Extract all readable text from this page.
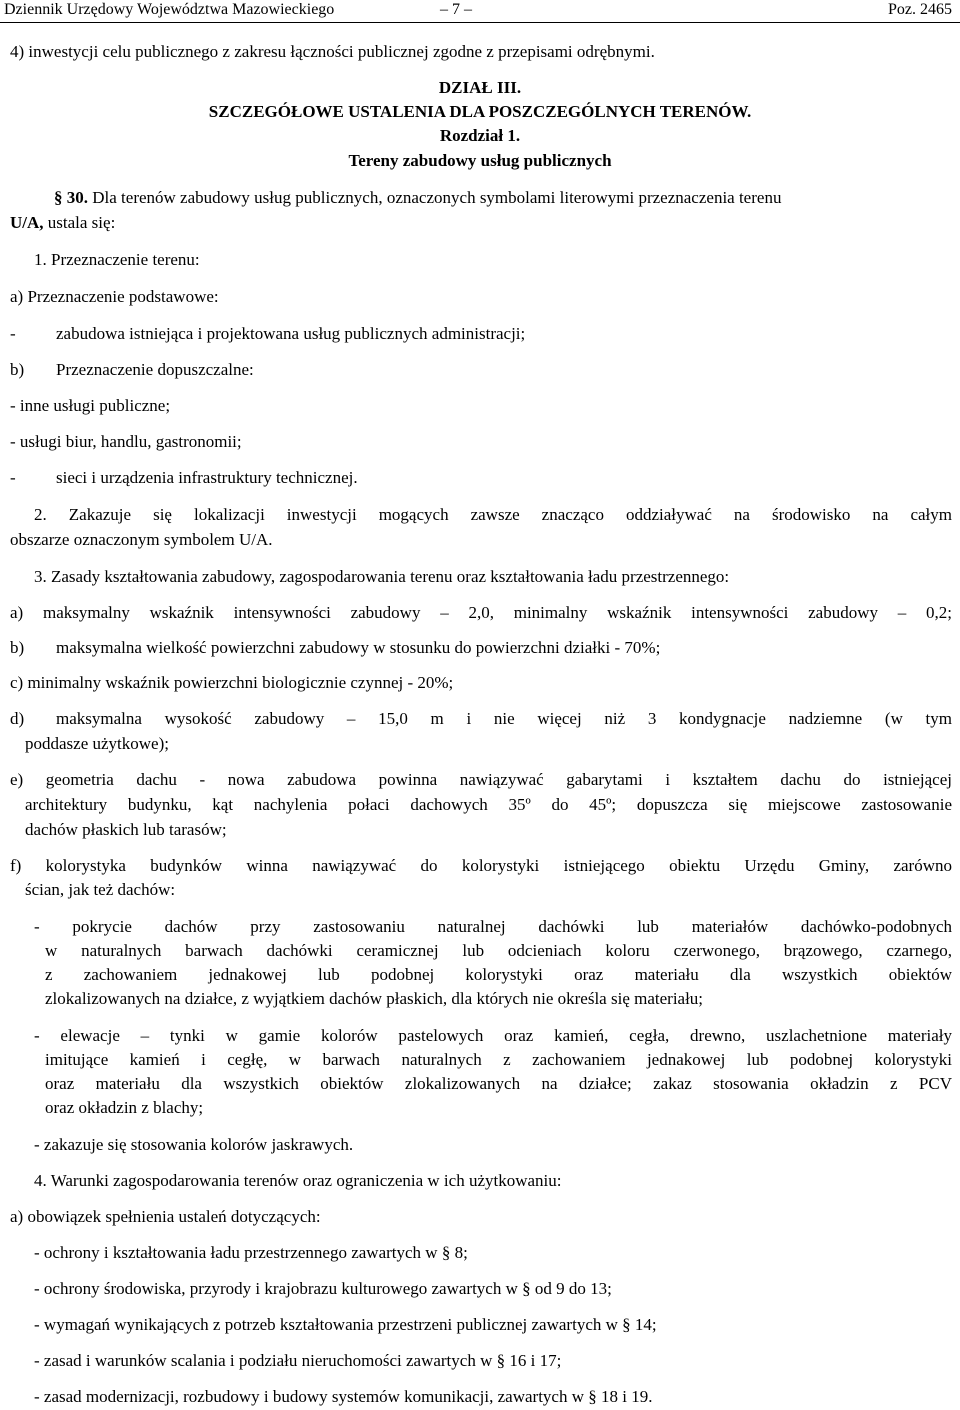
Dziennik Urzędowy Województwa Mazowieckiego	– 7 –	Poz. 2465
4) inwestycji celu publicznego z zakresu łączności publicznej zgodne z przepisami odrębnymi.
DZIAŁ III.
SZCZEGÓŁOWE USTALENIA DLA POSZCZEGÓLNYCH TERENÓW.
Rozdział 1.
Tereny zabudowy usług publicznych
§ 30. Dla terenów zabudowy usług publicznych, oznaczonych symbolami literowymi przeznaczenia terenu
U/A, ustala się:
1. Przeznaczenie terenu:
a) Przeznaczenie podstawowe:
- zabudowa istniejąca i projektowana usług publicznych administracji;
b) Przeznaczenie dopuszczalne:
- inne usługi publiczne;
- usługi biur, handlu, gastronomii;
- sieci i urządzenia infrastruktury technicznej.
2. Zakazuje się lokalizacji inwestycji mogących zawsze znacząco oddziaływać na środowisko na całym
obszarze oznaczonym symbolem U/A.
3. Zasady kształtowania zabudowy, zagospodarowania terenu oraz kształtowania ładu przestrzennego:
a) maksymalny wskaźnik intensywności zabudowy – 2,0, minimalny wskaźnik intensywności zabudowy – 0,2;
b) maksymalna wielkość powierzchni zabudowy w stosunku do powierzchni działki - 70%;
c) minimalny wskaźnik powierzchni biologicznie czynnej - 20%;
d)	maksymalna wysokość zabudowy – 15,0 m i nie więcej niż 3 kondygnacje nadziemne (w tym
poddasze użytkowe);
e) geometria dachu - nowa zabudowa powinna nawiązywać gabarytami i kształtem dachu do istniejącej
architektury budynku, kąt nachylenia połaci dachowych 35º do 45º; dopuszcza się miejscowe zastosowanie
dachów płaskich lub tarasów;
f) kolorystyka budynków winna nawiązywać do kolorystyki istniejącego obiektu Urzędu Gminy, zarówno
ścian, jak też dachów:
- pokrycie dachów przy zastosowaniu naturalnej dachówki lub materiałów dachówko-podobnych
w naturalnych barwach dachówki ceramicznej lub odcieniach koloru czerwonego, brązowego, czarnego,
z zachowaniem jednakowej lub podobnej kolorystyki oraz materiału dla wszystkich obiektów
zlokalizowanych na działce, z wyjątkiem dachów płaskich, dla których nie określa się materiału;
- elewacje – tynki w gamie kolorów pastelowych oraz kamień, cegła, drewno, uszlachetnione materiały
imitujące kamień i cegłę, w barwach naturalnych z zachowaniem jednakowej lub podobnej kolorystyki
oraz materiału dla wszystkich obiektów zlokalizowanych na działce; zakaz stosowania okładzin z PCV
oraz okładzin z blachy;
- zakazuje się stosowania kolorów jaskrawych.
4. Warunki zagospodarowania terenów oraz ograniczenia w ich użytkowaniu:
a) obowiązek spełnienia ustaleń dotyczących:
- ochrony i kształtowania ładu przestrzennego zawartych w § 8;
- ochrony środowiska, przyrody i krajobrazu kulturowego zawartych w § od 9 do 13;
- wymagań wynikających z potrzeb kształtowania przestrzeni publicznej zawartych w § 14;
- zasad i warunków scalania i podziału nieruchomości zawartych w § 16 i 17;
- zasad modernizacji, rozbudowy i budowy systemów komunikacji, zawartych w § 18 i 19.
